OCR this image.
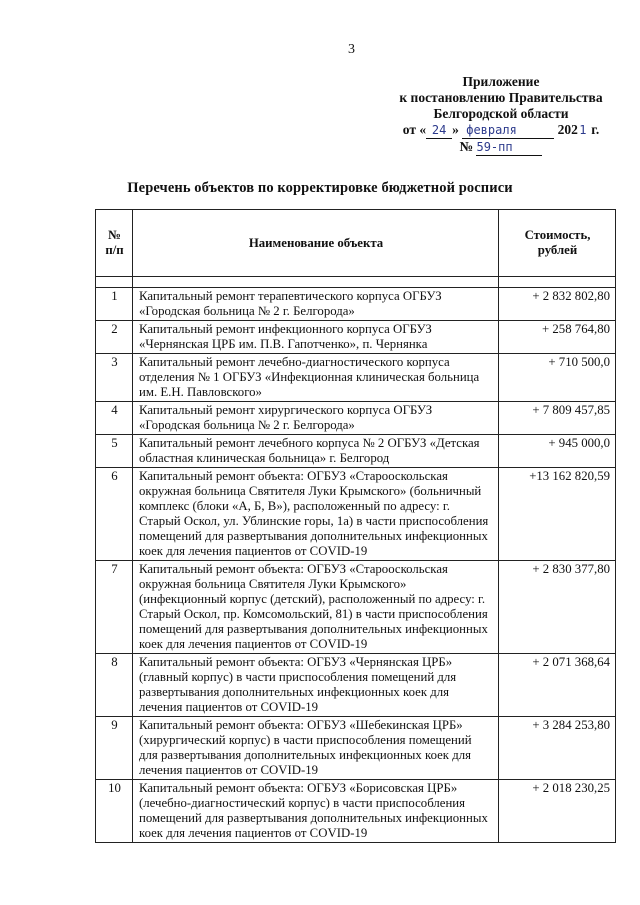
3
Приложение
к постановлению Правительства
Белгородской области
от « 24 » февраля	2021 г.
№ 59-пп
Перечень объектов по корректировке бюджетной росписи
№ п/п	Наименование объекта	Стоимость, рублей

1	Капитальный ремонт терапевтического корпуса ОГБУЗ «Городская больница № 2 г. Белгорода»	+ 2 832 802,80
2	Капитальный ремонт инфекционного корпуса ОГБУЗ «Чернянская ЦРБ им. П.В. Гапотченко», п. Чернянка	+ 258 764,80
3	Капитальный ремонт лечебно-диагностического корпуса отделения № 1 ОГБУЗ «Инфекционная клиническая больница им. Е.Н. Павловского»	+ 710 500,0
4	Капитальный ремонт хирургического корпуса ОГБУЗ «Городская больница № 2 г. Белгорода»	+ 7 809 457,85
5	Капитальный ремонт лечебного корпуса № 2 ОГБУЗ «Детская областная клиническая больница» г. Белгород	+ 945 000,0
6	Капитальный ремонт объекта: ОГБУЗ «Старооскольская окружная больница Святителя Луки Крымского» (больничный комплекс (блоки «А, Б, В»), расположенный по адресу: г. Старый Оскол, ул. Ублинские горы, 1а) в части приспособления помещений для развертывания дополнительных инфекционных коек для лечения пациентов от COVID-19	+13 162 820,59
7	Капитальный ремонт объекта: ОГБУЗ «Старооскольская окружная больница Святителя Луки Крымского» (инфекционный корпус (детский), расположенный по адресу: г. Старый Оскол, пр. Комсомольский, 81) в части приспособления помещений для развертывания дополнительных инфекционных коек для лечения пациентов от COVID-19	+ 2 830 377,80
8	Капитальный ремонт объекта: ОГБУЗ «Чернянская ЦРБ» (главный корпус) в части приспособления помещений для развертывания дополнительных инфекционных коек для лечения пациентов от COVID-19	+ 2 071 368,64
9	Капитальный ремонт объекта: ОГБУЗ «Шебекинская ЦРБ» (хирургический корпус) в части приспособления помещений для развертывания дополнительных инфекционных коек для лечения пациентов от COVID-19	+ 3 284 253,80
10	Капитальный ремонт объекта: ОГБУЗ «Борисовская ЦРБ» (лечебно-диагностический корпус) в части приспособления помещений для развертывания дополнительных инфекционных коек для лечения пациентов от COVID-19	+ 2 018 230,25
